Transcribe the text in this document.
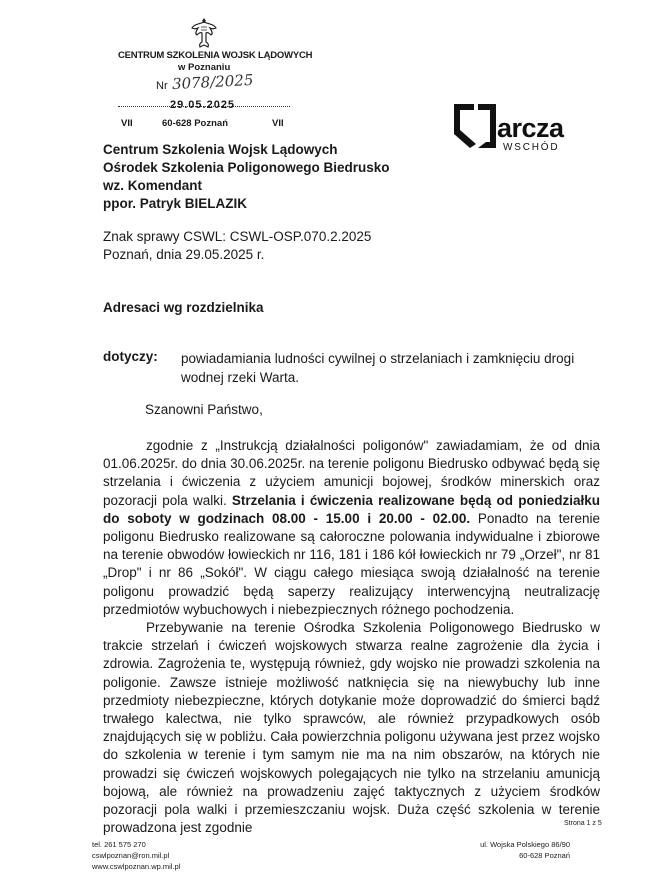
CENTRUM SZKOLENIA WOJSK LĄDOWYCH
w Poznaniu
Nr 3078/2025
29.05.2025
VII	60-628 Poznań	VII	arcza
WSCHÓD
Centrum Szkolenia Wojsk Lądowych
Ośrodek Szkolenia Poligonowego Biedrusko
wz. Komendant
ppor. Patryk BIELAZIK
Znak sprawy CSWL: CSWL-OSP.070.2.2025
Poznań, dnia 29.05.2025 r.
Adresaci wg rozdzielnika
dotyczy: powiadamiania ludności cywilnej o strzelaniach i zamknięciu drogi wodnej rzeki Warta.
Szanowni Państwo,

zgodnie z „Instrukcją działalności poligonów" zawiadamiam, że od dnia 01.06.2025r. do dnia 30.06.2025r. na terenie poligonu Biedrusko odbywać będą się strzelania i ćwiczenia z użyciem amunicji bojowej, środków minerskich oraz pozoracji pola walki. Strzelania i ćwiczenia realizowane będą od poniedziałku do soboty w godzinach 08.00 - 15.00 i 20.00 - 02.00. Ponadto na terenie poligonu Biedrusko realizowane są całoroczne polowania indywidualne i zbiorowe na terenie obwodów łowieckich nr 116, 181 i 186 kół łowieckich nr 79 „Orzeł", nr 81 „Drop" i nr 86 „Sokół". W ciągu całego miesiąca swoją działalność na terenie poligonu prowadzić będą saperzy realizujący interwencyjną neutralizację przedmiotów wybuchowych i niebezpiecznych różnego pochodzenia.

Przebywanie na terenie Ośrodka Szkolenia Poligonowego Biedrusko w trakcie strzelań i ćwiczeń wojskowych stwarza realne zagrożenie dla życia i zdrowia. Zagrożenia te, występują również, gdy wojsko nie prowadzi szkolenia na poligonie. Zawsze istnieje możliwość natknięcia się na niewybuchy lub inne przedmioty niebezpieczne, których dotykanie może doprowadzić do śmierci bądź trwałego kalectwa, nie tylko sprawców, ale również przypadkowych osób znajdujących się w pobliżu. Cała powierzchnia poligonu używana jest przez wojsko do szkolenia w terenie i tym samym nie ma na nim obszarów, na których nie prowadzi się ćwiczeń wojskowych polegających nie tylko na strzelaniu amunicją bojową, ale również na prowadzeniu zajęć taktycznych z użyciem środków pozoracji pola walki i przemieszczaniu wojsk. Duża część szkolenia w terenie prowadzona jest zgodnie	Strona 1 z 5
tel. 261 575 270
cswlpoznan@ron.mil.pl
www.cswlpoznan.wp.mil.pl
ul. Wojska Polskiego 86/90
60-628 Poznań
